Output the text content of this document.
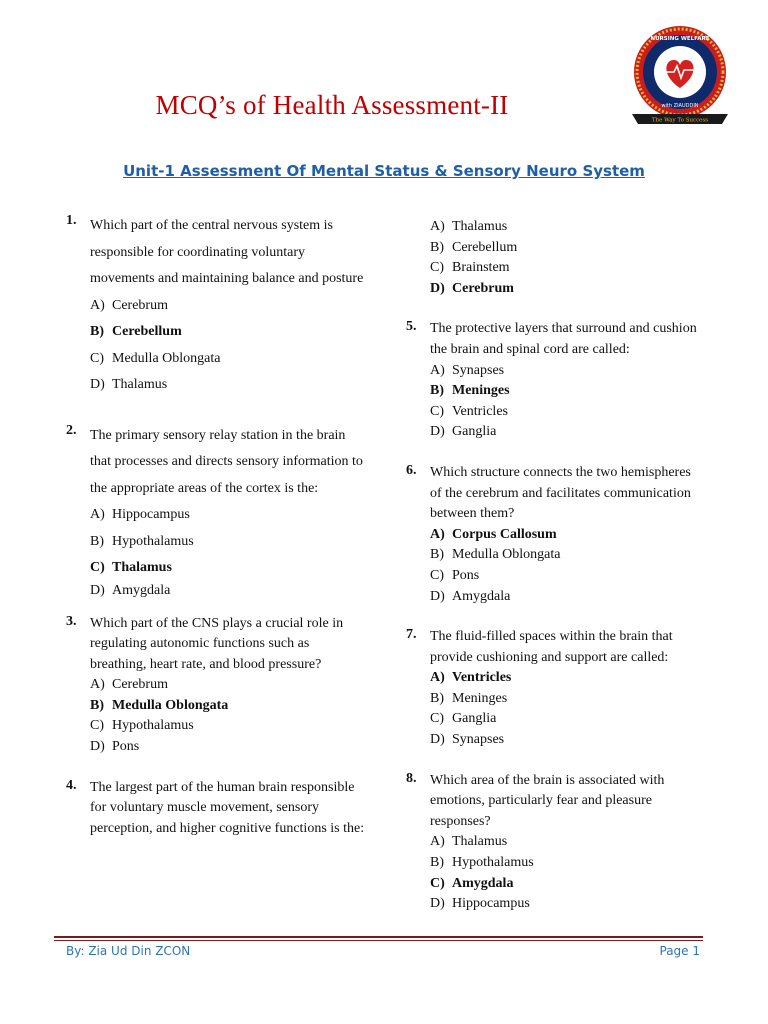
MCQ’s of Health Assessment-II
The Way To Success
NURSING WELFARE
with ZIAUDDIN
Unit-1 Assessment Of Mental Status & Sensory Neuro System
1. Which part of the central nervous system is responsible for coordinating voluntary movements and maintaining balance and posture
A) Cerebrum
B) Cerebellum
C) Medulla Oblongata
D) Thalamus
2. The primary sensory relay station in the brain that processes and directs sensory information to the appropriate areas of the cortex is the:
A) Hippocampus
B) Hypothalamus
C) Thalamus
D) Amygdala
3. Which part of the CNS plays a crucial role in regulating autonomic functions such as breathing, heart rate, and blood pressure?
A) Cerebrum
B) Medulla Oblongata
C) Hypothalamus
D) Pons
4. The largest part of the human brain responsible for voluntary muscle movement, sensory perception, and higher cognitive functions is the:
A) Thalamus
B) Cerebellum
C) Brainstem
D) Cerebrum
5. The protective layers that surround and cushion the brain and spinal cord are called:
A) Synapses
B) Meninges
C) Ventricles
D) Ganglia
6. Which structure connects the two hemispheres of the cerebrum and facilitates communication between them?
A) Corpus Callosum
B) Medulla Oblongata
C) Pons
D) Amygdala
7. The fluid-filled spaces within the brain that provide cushioning and support are called:
A) Ventricles
B) Meninges
C) Ganglia
D) Synapses
8. Which area of the brain is associated with emotions, particularly fear and pleasure responses?
A) Thalamus
B) Hypothalamus
C) Amygdala
D) Hippocampus
By: Zia Ud Din ZCON	Page 1
